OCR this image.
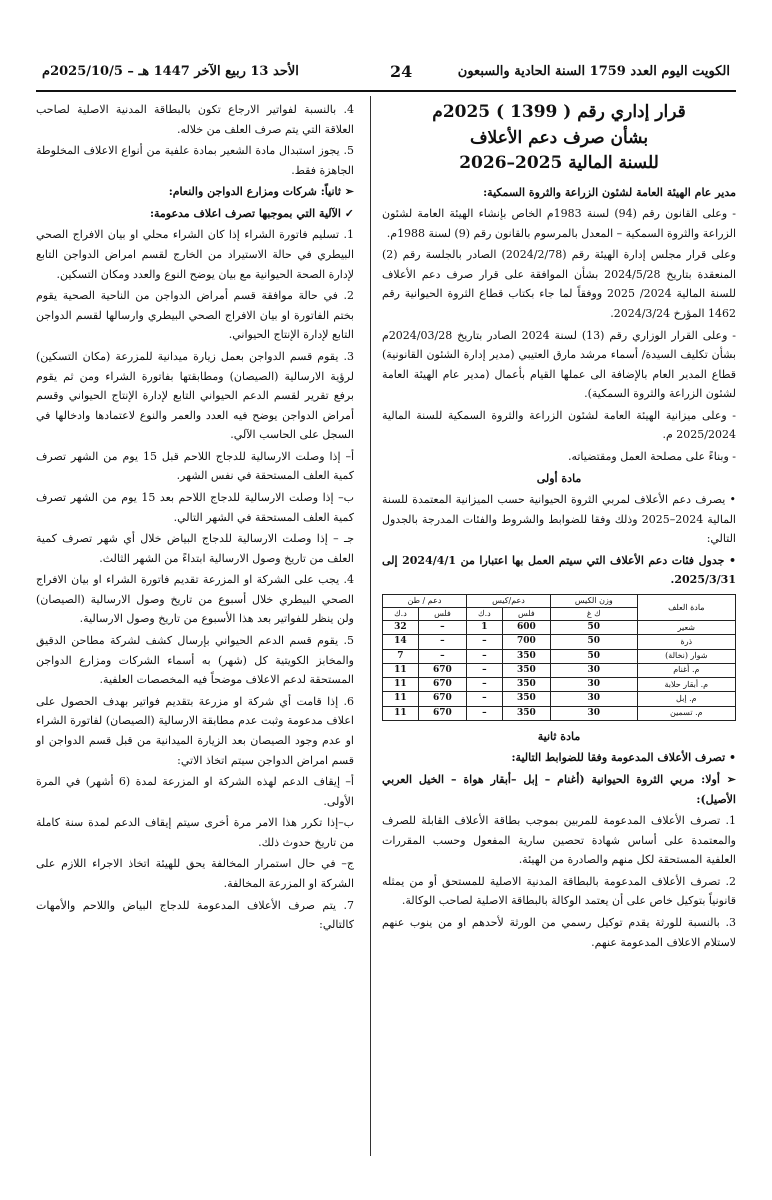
الأحد 13 ربيع الآخر 1447 هـ – 2025/10/5م	24	الكويت اليوم العدد 1759 السنة الحادية والسبعون
قرار إداري رقم ( 1399 ) 2025م
بشأن صرف دعم الأعلاف
للسنة المالية 2025–2026

مدير عام الهيئة العامة لشئون الزراعة والثروة السمكية:

- وعلى القانون رقم (94) لسنة 1983م الخاص بإنشاء الهيئة العامة لشئون الزراعة والثروة السمكية – المعدل بالمرسوم بالقانون رقم (9) لسنة 1988م.

وعلى قرار مجلس إدارة الهيئة رقم (2024/2/78) الصادر بالجلسة رقم (2) المنعقدة بتاريخ 2024/5/28 بشأن الموافقة على قرار صرف دعم الأعلاف للسنة المالية 2024/ 2025 ووفقاً لما جاء بكتاب قطاع الثروة الحيوانية رقم 1462 المؤرخ 2024/3/24.

- وعلى القرار الوزاري رقم (13) لسنة 2024 الصادر بتاريخ 2024/03/28م بشأن تكليف السيدة/ أسماء مرشد مارق العتيبي (مدير إدارة الشئون القانونية) قطاع المدير العام بالإضافة الى عملها القيام بأعمال (مدير عام الهيئة العامة لشئون الزراعة والثروة السمكية).

- وعلى ميزانية الهيئة العامة لشئون الزراعة والثروة السمكية للسنة المالية 2025/2024 م.

- وبناءً على مصلحة العمل ومقتضياته.

مادة أولى

• يصرف دعم الأعلاف لمربي الثروة الحيوانية حسب الميزانية المعتمدة للسنة المالية 2024–2025 وذلك وفقا للضوابط والشروط والفئات المدرجة بالجدول التالي:

• جدول فئات دعم الأعلاف التي سيتم العمل بها اعتبارا من 2024/4/1 إلى 2025/3/31.

مادة العلف	وزن الكيس	دعم/كيس		دعم / طن	
	ك غ	فلس	د.ك	فلس	د.ك
شعير	50	600	1	–	32
ذرة	50	700	–	–	14
شوار (نخالة)	50	350	–	–	7
م. أغنام	30	350	–	670	11
م. أبقار حلابة	30	350	–	670	11
م. إبل	30	350	–	670	11
م. تسمين	30	350	–	670	11

مادة ثانية

• تصرف الأعلاف المدعومة وفقا للضوابط التالية:

➢ أولا: مربي الثروة الحيوانية (أغنام – إبل –أبقار هواة – الخيل العربي الأصيل):

1. تصرف الأعلاف المدعومة للمربين بموجب بطاقة الأعلاف القابلة للصرف والمعتمدة على أساس شهادة تحصين سارية المفعول وحسب المقررات العلفية المستحقة لكل منهم والصادرة من الهيئة.

2. تصرف الأعلاف المدعومة بالبطاقة المدنية الاصلية للمستحق أو من يمثله قانونياً بتوكيل خاص على أن يعتمد الوكالة بالبطاقة الاصلية لصاحب الوكالة.

3. بالنسبة للورثة يقدم توكيل رسمي من الورثة لأحدهم او من ينوب عنهم لاستلام الاعلاف المدعومة عنهم.

4. بالنسبة لفواتير الارجاع تكون بالبطاقة المدنية الاصلية لصاحب العلاقة التي يتم صرف العلف من خلاله.

5. يجوز استبدال مادة الشعير بمادة علفية من أنواع الاعلاف المخلوطة الجاهزة فقط.

➢ ثانياً: شركات ومزارع الدواجن والنعام:

✓ الآلية التي بموجبها تصرف اعلاف مدعومة:

1. تسليم فاتورة الشراء إذا كان الشراء محلي او بيان الافراج الصحي البيطري في حالة الاستيراد من الخارج لقسم امراض الدواجن التابع لإدارة الصحة الحيوانية مع بيان يوضح النوع والعدد ومكان التسكين.

2. في حالة موافقة قسم أمراض الدواجن من الناحية الصحية يقوم بختم الفاتورة او بيان الافراج الصحي البيطري وارسالها لقسم الدواجن التابع لإدارة الإنتاج الحيواني.

3. يقوم قسم الدواجن بعمل زيارة ميدانية للمزرعة (مكان التسكين) لرؤية الارسالية (الصيصان) ومطابقتها بفاتورة الشراء ومن ثم يقوم برفع تقرير لقسم الدعم الحيواني التابع لإدارة الإنتاج الحيواني وقسم أمراض الدواجن يوضح فيه العدد والعمر والنوع لاعتمادها وادخالها في السجل على الحاسب الآلي.

أ– إذا وصلت الارسالية للدجاج اللاحم قبل 15 يوم من الشهر تصرف كمية العلف المستحقة في نفس الشهر.

ب– إذا وصلت الارسالية للدجاج اللاحم بعد 15 يوم من الشهر تصرف كمية العلف المستحقة في الشهر التالي.

جـ – إذا وصلت الارسالية للدجاج البياض خلال أي شهر تصرف كمية العلف من تاريخ وصول الارسالية ابتداءً من الشهر الثالث.

4. يجب على الشركة او المزرعة تقديم فاتورة الشراء او بيان الافراج الصحي البيطري خلال أسبوع من تاريخ وصول الارسالية (الصيصان) ولن ينظر للفواتير بعد هذا الأسبوع من تاريخ وصول الارسالية.

5. يقوم قسم الدعم الحيواني بإرسال كشف لشركة مطاحن الدقيق والمخابز الكويتية كل (شهر) به أسماء الشركات ومزارع الدواجن المستحقة لدعم الاعلاف موضحاً فيه المخصصات العلفية.

6. إذا قامت أي شركة او مزرعة بتقديم فواتير بهدف الحصول على اعلاف مدعومة وثبت عدم مطابقة الارسالية (الصيصان) لفاتورة الشراء او عدم وجود الصيصان بعد الزيارة الميدانية من قبل قسم الدواجن او قسم امراض الدواجن سيتم اتخاذ الاتي:

أ– إيقاف الدعم لهذه الشركة او المزرعة لمدة (6 أشهر) في المرة الأولى.

ب–إذا تكرر هذا الامر مرة أخرى سيتم إيقاف الدعم لمدة سنة كاملة من تاريخ حدوث ذلك.

ج– في حال استمرار المخالفة يحق للهيئة اتخاذ الاجراء اللازم على الشركة او المزرعة المخالفة.

7. يتم صرف الأعلاف المدعومة للدجاج البياض واللاحم والأمهات كالتالي:
